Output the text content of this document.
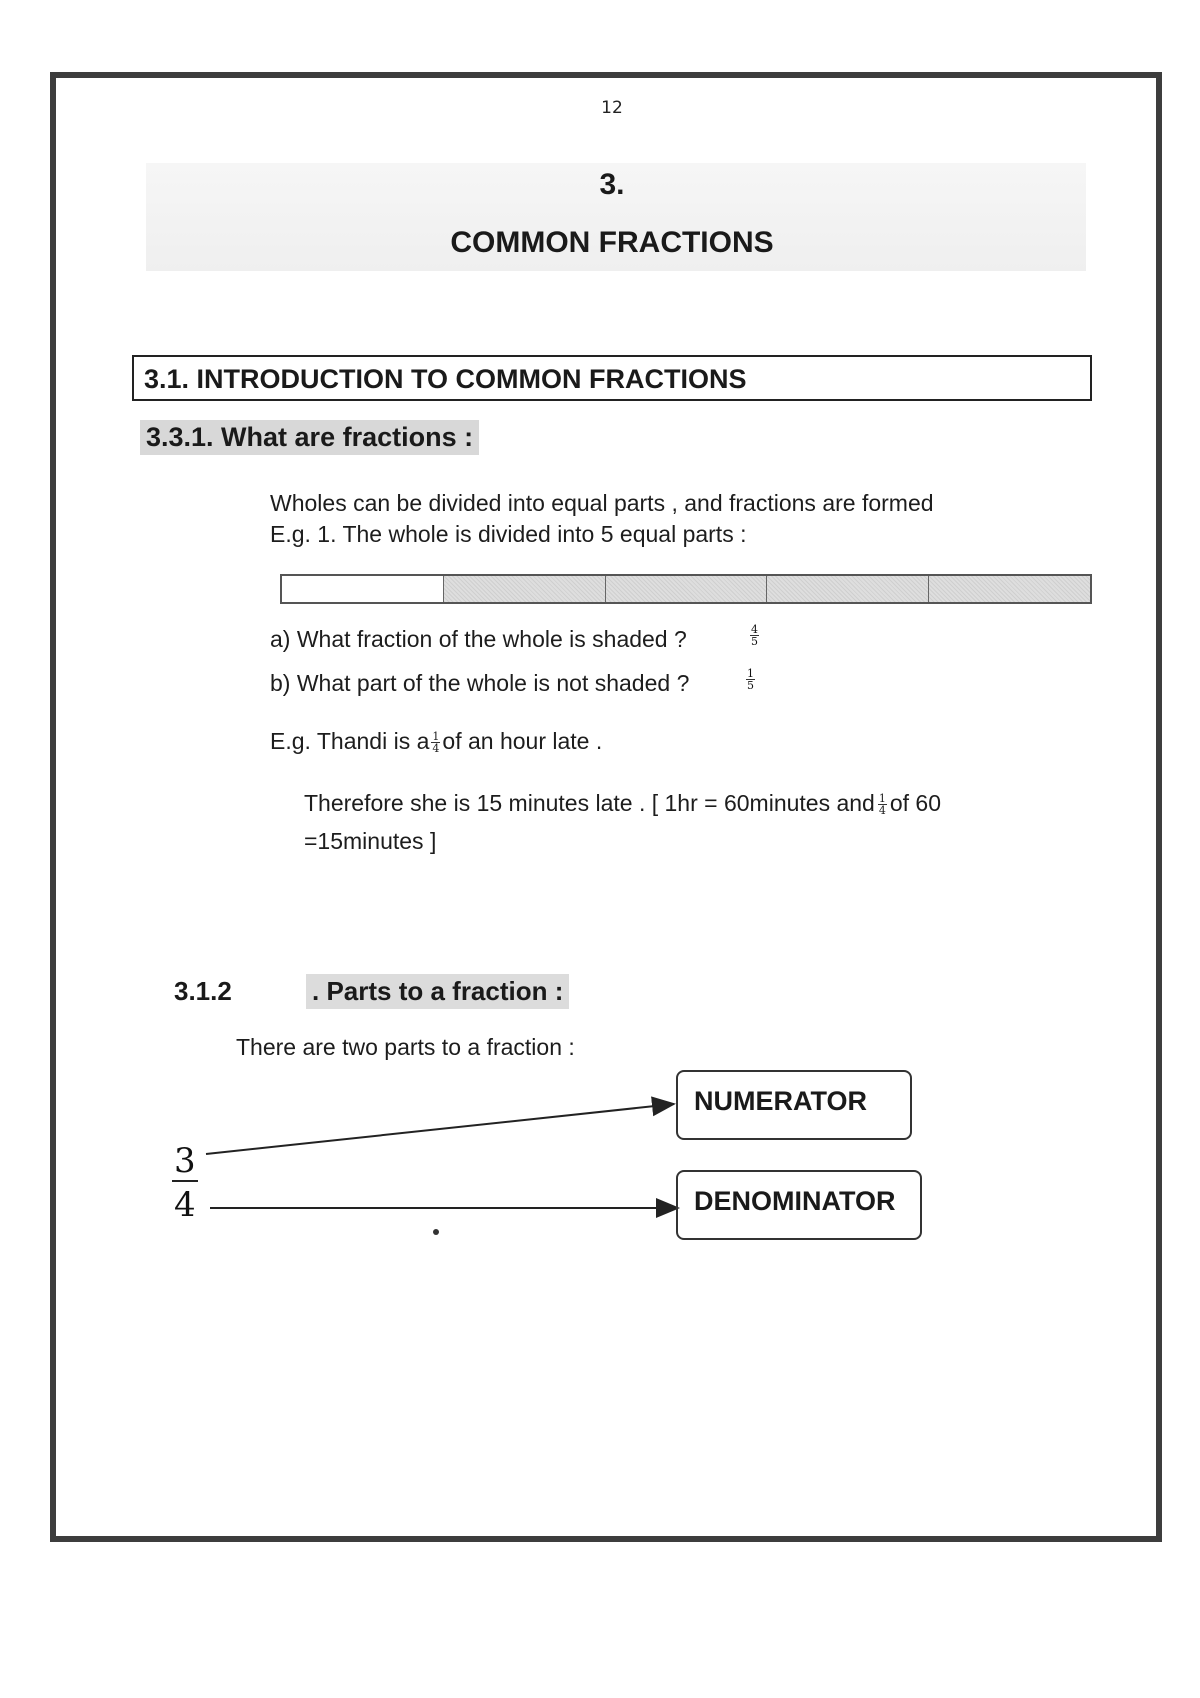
12
3.
COMMON FRACTIONS
3.1. INTRODUCTION TO COMMON FRACTIONS
3.3.1. What are fractions :
Wholes can be divided into equal parts , and fractions are formed
E.g. 1. The whole is divided into 5 equal parts :
a) What fraction of the whole is shaded ?	$\frac{4}{5}$
b) What part of the whole is not shaded ?	$\frac{1}{5}$
E.g. Thandi is a $\frac{1}{4}$ of an hour late .
Therefore she is 15 minutes late . [ 1hr = 60minutes and $\frac{1}{4}$ of 60
=15minutes ]
3.1.2	. Parts to a fraction :
There are two parts to a fraction :
$\frac{3}{4}$
NUMERATOR
DENOMINATOR
